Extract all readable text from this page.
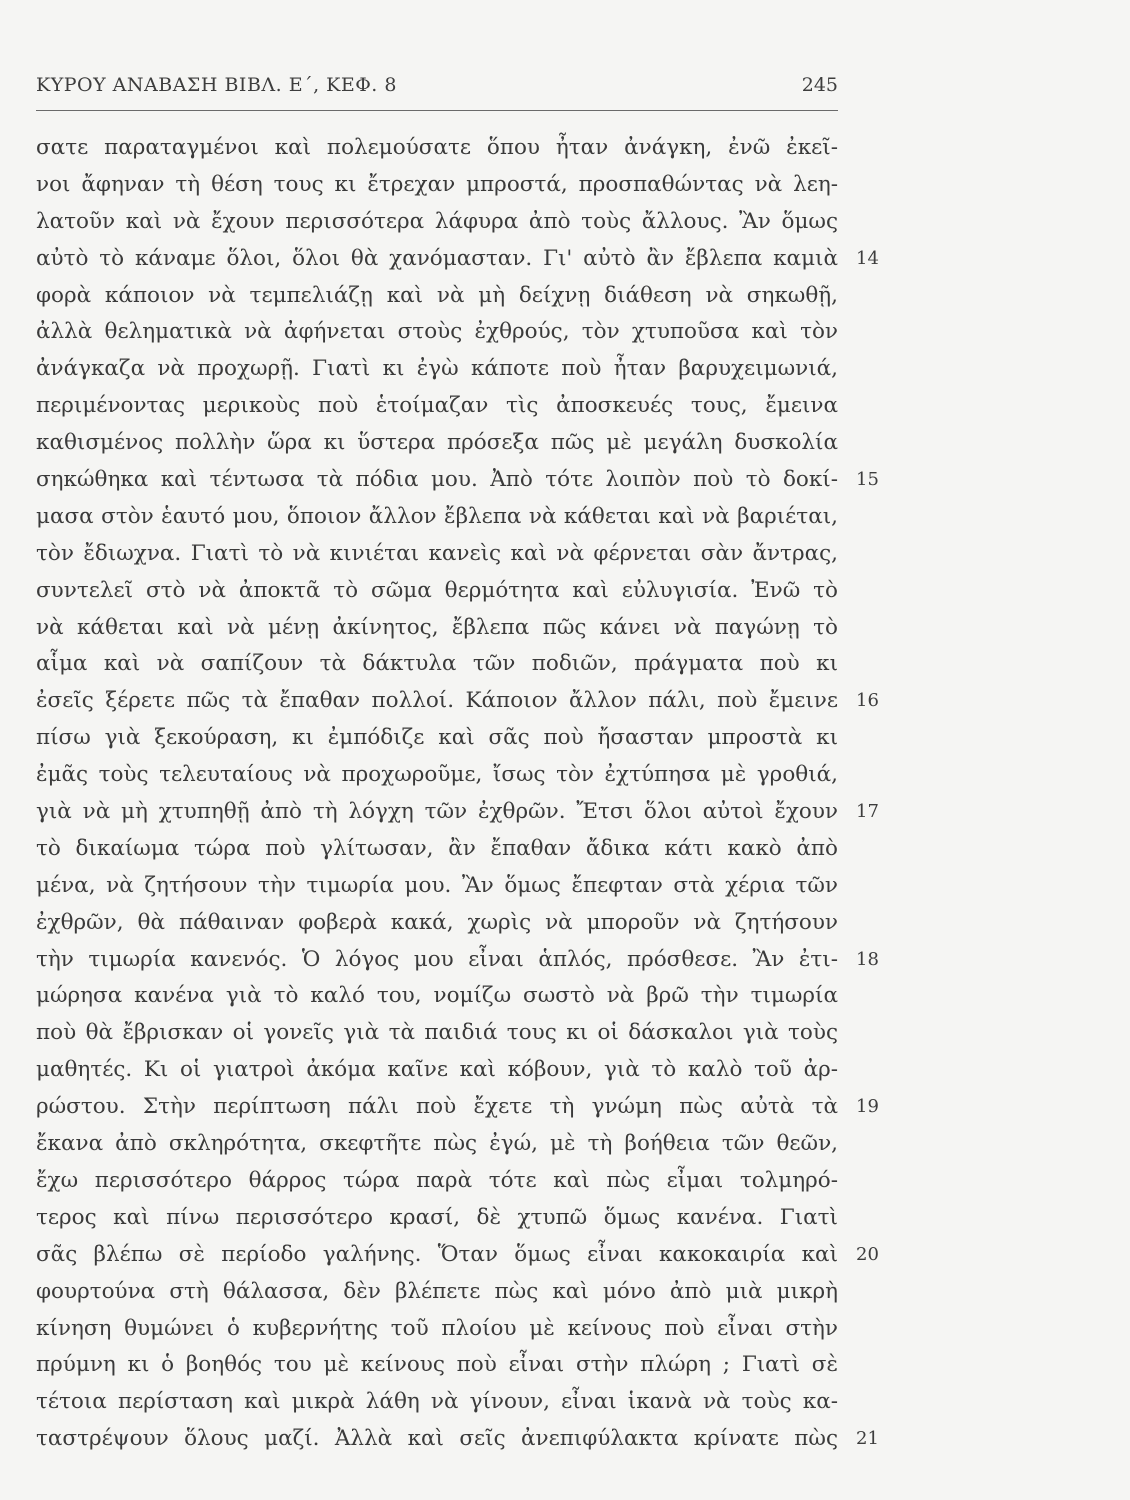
ΚΥΡΟΥ ΑΝΑΒΑΣΗ ΒΙΒΛ. Ε΄, ΚΕΦ. 8	245
σατε παραταγμένοι καὶ πολεμούσατε ὅπου ἦταν ἀνάγκη, ἐνῶ ἐκεῖ-
νοι ἄφηναν τὴ θέση τους κι ἔτρεχαν μπροστά, προσπαθώντας νὰ λεη-
λατοῦν καὶ νὰ ἔχουν περισσότερα λάφυρα ἀπὸ τοὺς ἄλλους. Ἂν ὅμως
αὐτὸ τὸ κάναμε ὅλοι, ὅλοι θὰ χανόμασταν. Γι' αὐτὸ ἂν ἔβλεπα καμιὰ 14
φορὰ κάποιον νὰ τεμπελιάζῃ καὶ νὰ μὴ δείχνῃ διάθεση νὰ σηκωθῇ,
ἀλλὰ θεληματικὰ νὰ ἀφήνεται στοὺς ἐχθρούς, τὸν χτυποῦσα καὶ τὸν
ἀνάγκαζα νὰ προχωρῇ. Γιατὶ κι ἐγὼ κάποτε ποὺ ἦταν βαρυχειμωνιά,
περιμένοντας μερικοὺς ποὺ ἑτοίμαζαν τὶς ἀποσκευές τους, ἔμεινα
καθισμένος πολλὴν ὥρα κι ὕστερα πρόσεξα πῶς μὲ μεγάλη δυσκολία
σηκώθηκα καὶ τέντωσα τὰ πόδια μου. Ἀπὸ τότε λοιπὸν ποὺ τὸ δοκί- 15
μασα στὸν ἑαυτό μου, ὅποιον ἄλλον ἔβλεπα νὰ κάθεται καὶ νὰ βαριέται,
τὸν ἔδιωχνα. Γιατὶ τὸ νὰ κινιέται κανεὶς καὶ νὰ φέρνεται σὰν ἄντρας,
συντελεῖ στὸ νὰ ἀποκτᾶ τὸ σῶμα θερμότητα καὶ εὐλυγισία. Ἐνῶ τὸ
νὰ κάθεται καὶ νὰ μένῃ ἀκίνητος, ἔβλεπα πῶς κάνει νὰ παγώνῃ τὸ
αἷμα καὶ νὰ σαπίζουν τὰ δάκτυλα τῶν ποδιῶν, πράγματα ποὺ κι
ἐσεῖς ξέρετε πῶς τὰ ἔπαθαν πολλοί. Κάποιον ἄλλον πάλι, ποὺ ἔμεινε 16
πίσω γιὰ ξεκούραση, κι ἐμπόδιζε καὶ σᾶς ποὺ ἤσασταν μπροστὰ κι
ἐμᾶς τοὺς τελευταίους νὰ προχωροῦμε, ἴσως τὸν ἐχτύπησα μὲ γροθιά,
γιὰ νὰ μὴ χτυπηθῇ ἀπὸ τὴ λόγχη τῶν ἐχθρῶν. Ἔτσι ὅλοι αὐτοὶ ἔχουν 17
τὸ δικαίωμα τώρα ποὺ γλίτωσαν, ἂν ἔπαθαν ἄδικα κάτι κακὸ ἀπὸ
μένα, νὰ ζητήσουν τὴν τιμωρία μου. Ἂν ὅμως ἔπεφταν στὰ χέρια τῶν
ἐχθρῶν, θὰ πάθαιναν φοβερὰ κακά, χωρὶς νὰ μποροῦν νὰ ζητήσουν
τὴν τιμωρία κανενός. Ὁ λόγος μου εἶναι ἁπλός, πρόσθεσε. Ἂν ἐτι- 18
μώρησα κανένα γιὰ τὸ καλό του, νομίζω σωστὸ νὰ βρῶ τὴν τιμωρία
ποὺ θὰ ἔβρισκαν οἱ γονεῖς γιὰ τὰ παιδιά τους κι οἱ δάσκαλοι γιὰ τοὺς
μαθητές. Κι οἱ γιατροὶ ἀκόμα καῖνε καὶ κόβουν, γιὰ τὸ καλὸ τοῦ ἀρ-
ρώστου. Στὴν περίπτωση πάλι ποὺ ἔχετε τὴ γνώμη πὼς αὐτὰ τὰ 19
ἔκανα ἀπὸ σκληρότητα, σκεφτῆτε πὼς ἐγώ, μὲ τὴ βοήθεια τῶν θεῶν,
ἔχω περισσότερο θάρρος τώρα παρὰ τότε καὶ πὼς εἶμαι τολμηρό-
τερος καὶ πίνω περισσότερο κρασί, δὲ χτυπῶ ὅμως κανένα. Γιατὶ
σᾶς βλέπω σὲ περίοδο γαλήνης. Ὅταν ὅμως εἶναι κακοκαιρία καὶ 20
φουρτούνα στὴ θάλασσα, δὲν βλέπετε πὼς καὶ μόνο ἀπὸ μιὰ μικρὴ
κίνηση θυμώνει ὁ κυβερνήτης τοῦ πλοίου μὲ κείνους ποὺ εἶναι στὴν
πρύμνη κι ὁ βοηθός του μὲ κείνους ποὺ εἶναι στὴν πλώρη ; Γιατὶ σὲ
τέτοια περίσταση καὶ μικρὰ λάθη νὰ γίνουν, εἶναι ἱκανὰ νὰ τοὺς κα-
ταστρέψουν ὅλους μαζί. Ἀλλὰ καὶ σεῖς ἀνεπιφύλακτα κρίνατε πὼς 21
